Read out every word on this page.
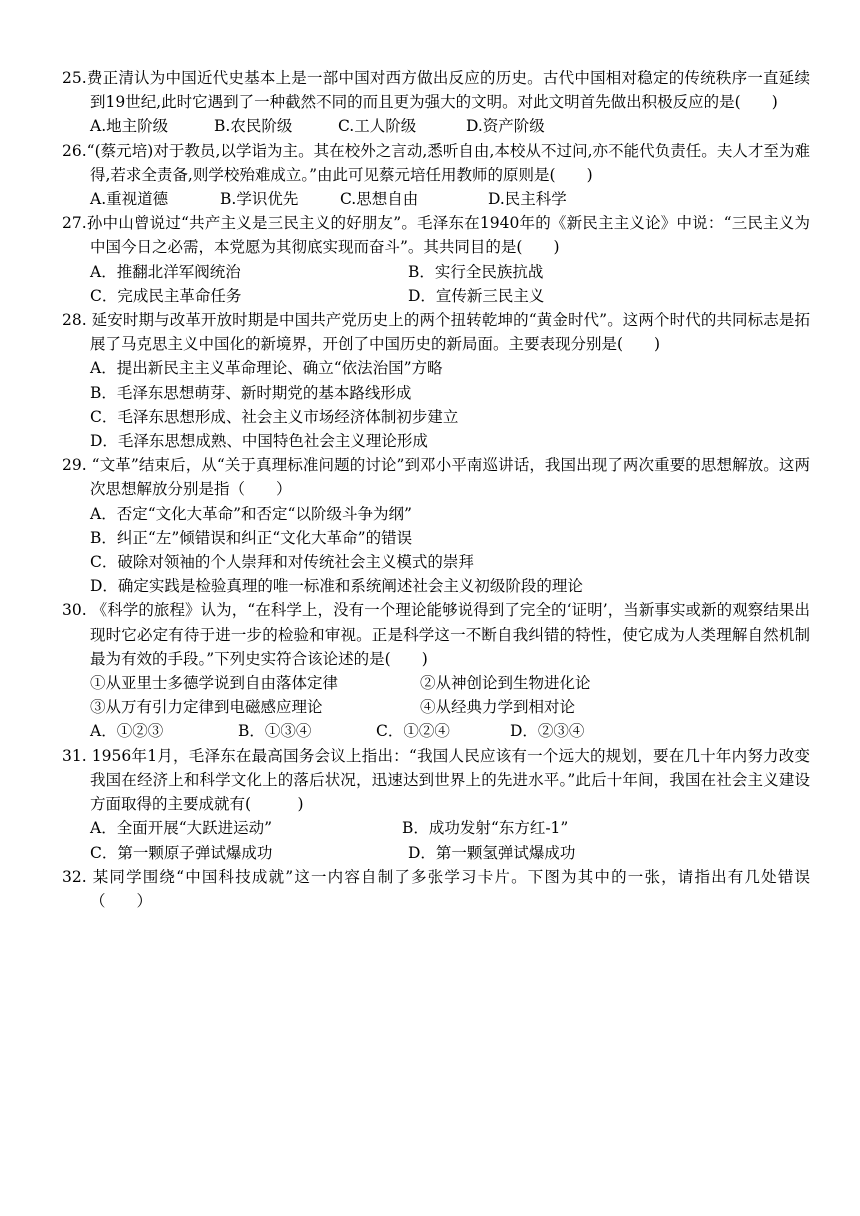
25.费正清认为中国近代史基本上是一部中国对西方做出反应的历史。古代中国相对稳定的传统秩序一直延续到19世纪,此时它遇到了一种截然不同的而且更为强大的文明。对此文明首先做出积极反应的是(　　)
A.地主阶级	B.农民阶级	C.工人阶级	D.资产阶级
26.“(蔡元培)对于教员,以学诣为主。其在校外之言动,悉听自由,本校从不过问,亦不能代负责任。夫人才至为难得,若求全责备,则学校殆难成立。”由此可见蔡元培任用教师的原则是(　　)
A.重视道德	B.学识优先	C.思想自由	D.民主科学
27.孙中山曾说过“共产主义是三民主义的好朋友”。毛泽东在1940年的《新民主主义论》中说：“三民主义为中国今日之必需，本党愿为其彻底实现而奋斗”。其共同目的是(　　)
A．推翻北洋军阀统治	B．实行全民族抗战
C．完成民主革命任务	D．宣传新三民主义
28. 延安时期与改革开放时期是中国共产党历史上的两个扭转乾坤的“黄金时代”。这两个时代的共同标志是拓展了马克思主义中国化的新境界，开创了中国历史的新局面。主要表现分别是(　　)
A．提出新民主主义革命理论、确立“依法治国”方略
B．毛泽东思想萌芽、新时期党的基本路线形成
C．毛泽东思想形成、社会主义市场经济体制初步建立
D．毛泽东思想成熟、中国特色社会主义理论形成
29. “文革”结束后，从“关于真理标准问题的讨论”到邓小平南巡讲话，我国出现了两次重要的思想解放。这两次思想解放分别是指（　　）
A．否定“文化大革命”和否定“以阶级斗争为纲”
B．纠正“左”倾错误和纠正“文化大革命”的错误
C．破除对领袖的个人崇拜和对传统社会主义模式的崇拜
D．确定实践是检验真理的唯一标准和系统阐述社会主义初级阶段的理论
30. 《科学的旅程》认为，“在科学上，没有一个理论能够说得到了完全的‘证明’，当新事实或新的观察结果出现时它必定有待于进一步的检验和审视。正是科学这一不断自我纠错的特性，使它成为人类理解自然机制最为有效的手段。”下列史实符合该论述的是(　　)
①从亚里士多德学说到自由落体定律	②从神创论到生物进化论
③从万有引力定律到电磁感应理论	④从经典力学到相对论
A．①②③	B．①③④	C．①②④	D．②③④
31. 1956年1月，毛泽东在最高国务会议上指出：“我国人民应该有一个远大的规划，要在几十年内努力改变我国在经济上和科学文化上的落后状况，迅速达到世界上的先进水平。”此后十年间，我国在社会主义建设方面取得的主要成就有(　　　)
A．全面开展“大跃进运动”	B．成功发射“东方红-1”
C．第一颗原子弹试爆成功	D．第一颗氢弹试爆成功
32. 某同学围绕“中国科技成就”这一内容自制了多张学习卡片。下图为其中的一张，请指出有几处错误（　　）
